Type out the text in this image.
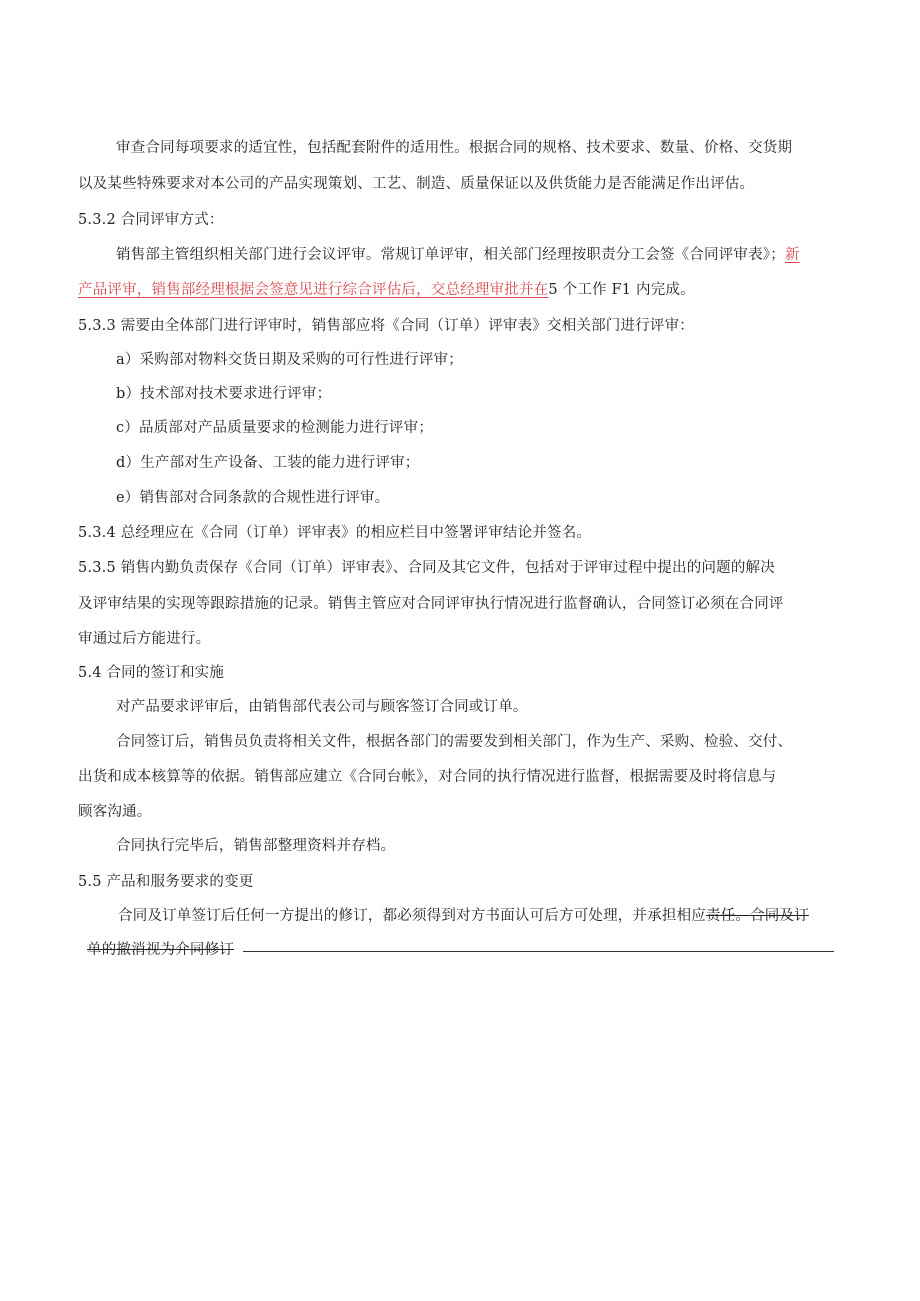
审查合同每项要求的适宜性，包括配套附件的适用性。根据合同的规格、技术要求、数量、价格、交货期
以及某些特殊要求对本公司的产品实现策划、工艺、制造、质量保证以及供货能力是否能满足作出评估。
5.3.2 合同评审方式：
销售部主管组织相关部门进行会议评审。常规订单评审，相关部门经理按职责分工会签《合同评审表》；新
产品评审，销售部经理根据会签意见进行综合评估后，交总经理审批并在5 个工作 F1 内完成。
5.3.3 需要由全体部门进行评审时，销售部应将《合同（订单）评审表》交相关部门进行评审：
a）采购部对物料交货日期及采购的可行性进行评审；
b）技术部对技术要求进行评审；
c）品质部对产品质量要求的检测能力进行评审；
d）生产部对生产设备、工装的能力进行评审；
e）销售部对合同条款的合规性进行评审。
5.3.4 总经理应在《合同（订单）评审表》的相应栏目中签署评审结论并签名。
5.3.5 销售内勤负责保存《合同（订单）评审表》、合同及其它文件，包括对于评审过程中提出的问题的解决
及评审结果的实现等跟踪措施的记录。销售主管应对合同评审执行情况进行监督确认，合同签订必须在合同评
审通过后方能进行。
5.4 合同的签订和实施
对产品要求评审后，由销售部代表公司与顾客签订合同或订单。
合同签订后，销售员负责将相关文件，根据各部门的需要发到相关部门，作为生产、采购、检验、交付、
出货和成本核算等的依据。销售部应建立《合同台帐》，对合同的执行情况进行监督，根据需要及时将信息与
顾客沟通。
合同执行完毕后，销售部整理资料并存档。
5.5 产品和服务要求的变更
合同及订单签订后任何一方提出的修订，都必须得到对方书面认可后方可处理，并承担相应责任。合同及订
单的撤消视为介同修订
